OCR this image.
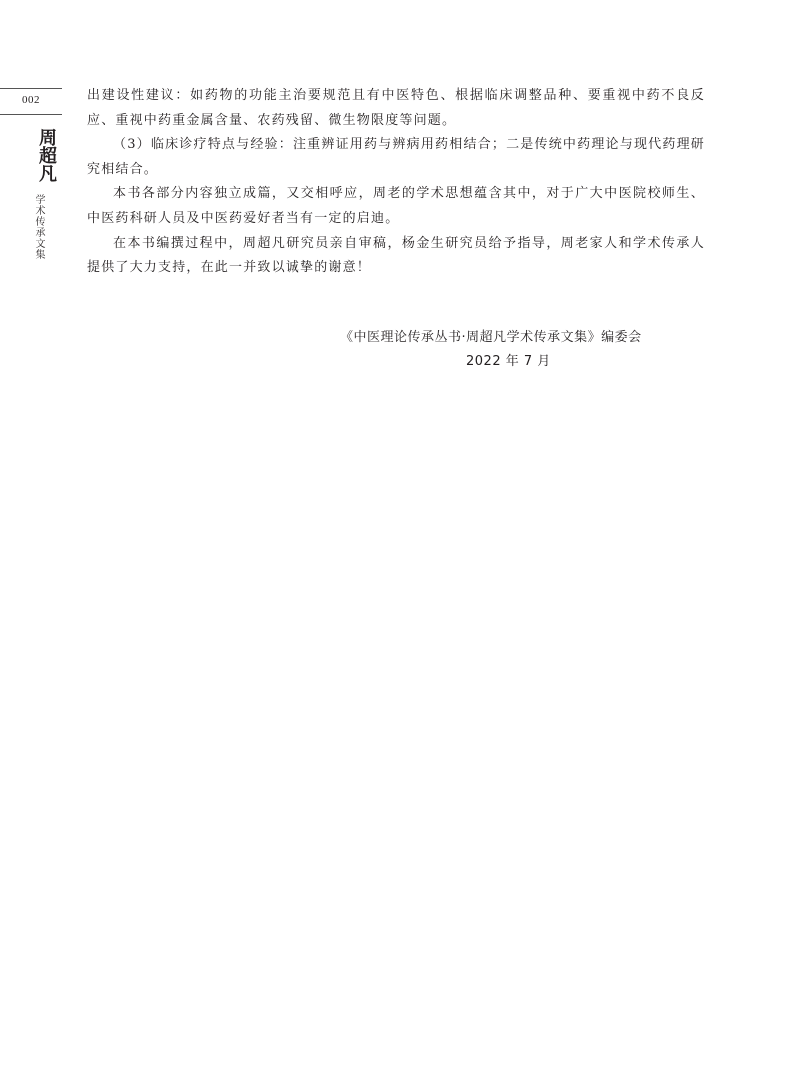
002
周超凡
学术传承文集

出建设性建议：如药物的功能主治要规范且有中医特色、根据临床调整品种、要重视中药不良反应、重视中药重金属含量、农药残留、微生物限度等问题。

（3）临床诊疗特点与经验：注重辨证用药与辨病用药相结合；二是传统中药理论与现代药理研究相结合。

本书各部分内容独立成篇，又交相呼应，周老的学术思想蕴含其中，对于广大中医院校师生、中医药科研人员及中医药爱好者当有一定的启迪。

在本书编撰过程中，周超凡研究员亲自审稿，杨金生研究员给予指导，周老家人和学术传承人提供了大力支持，在此一并致以诚挚的谢意！

《中医理论传承丛书·周超凡学术传承文集》编委会
2022 年 7 月
